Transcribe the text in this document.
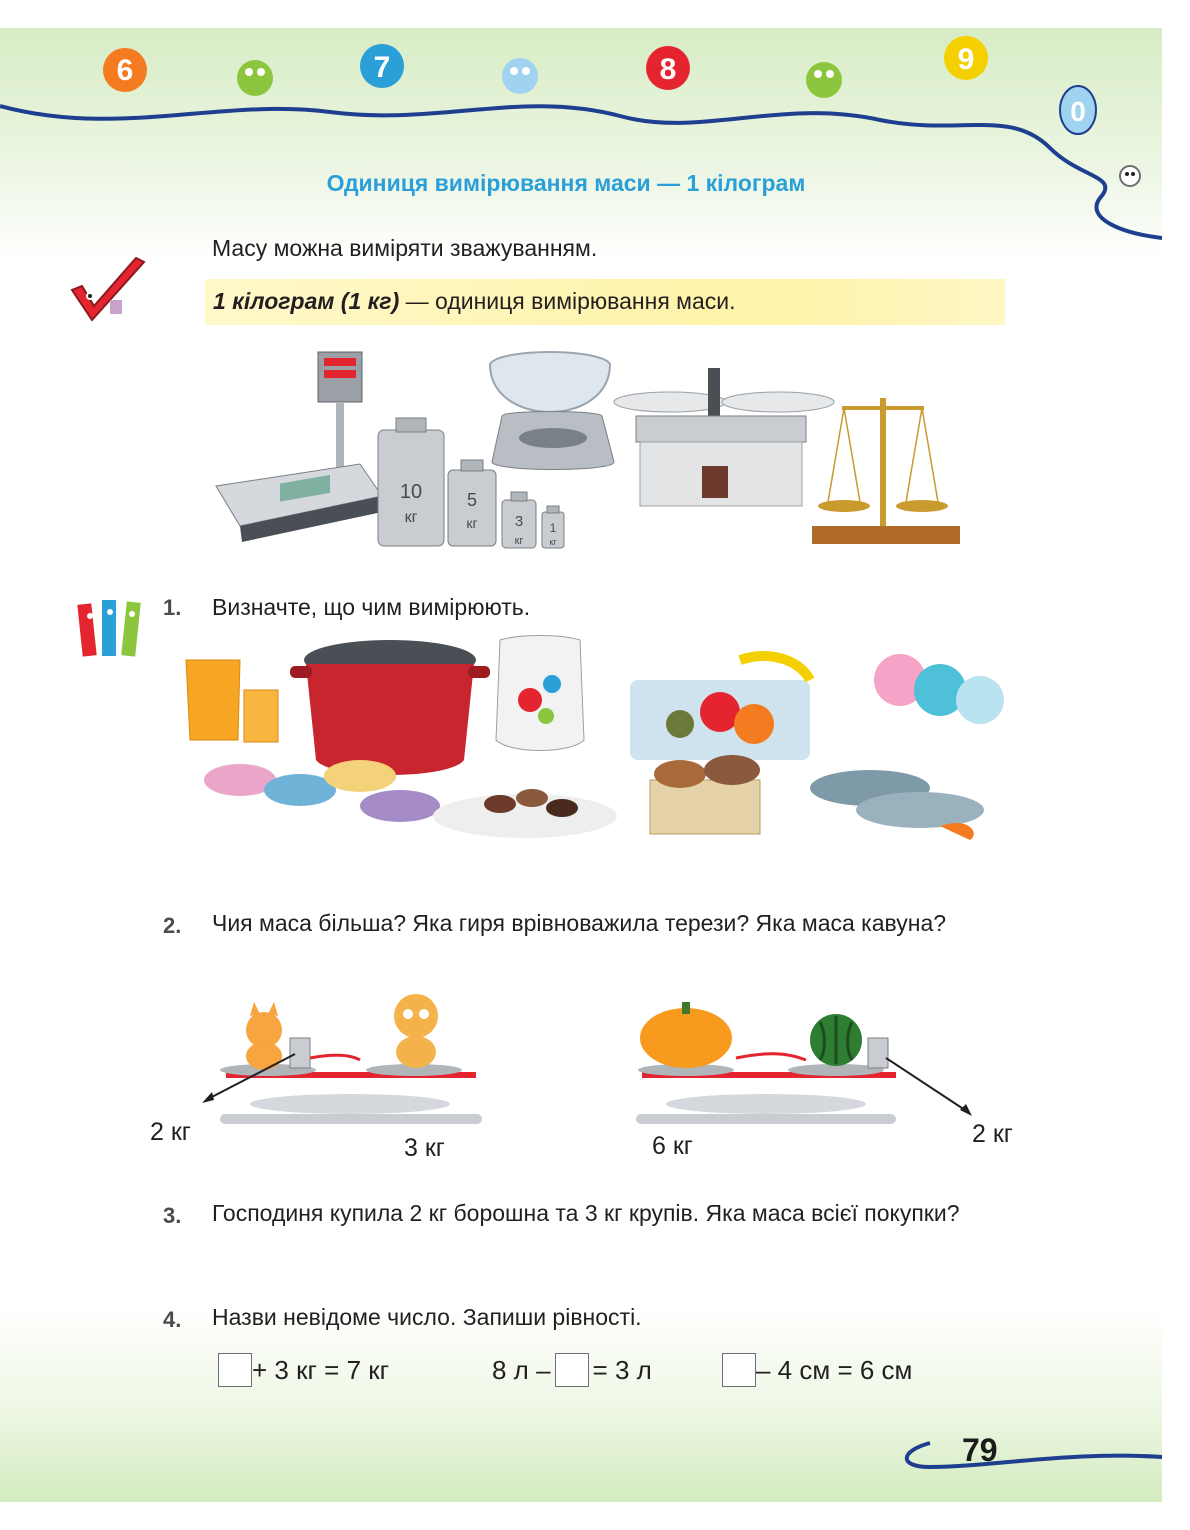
6	7	8	9
0
Одиниця вимірювання маси — 1 кілограм
Масу можна виміряти зважуванням.
1 кілограм (1 кг) — одиниця вимірювання маси.
10
кг
5
кг 3
кг
1
кг
1. Визначте, що чим вимірюють.
2. Чия маса більша? Яка гиря врівноважила терези? Яка маса кавуна?
2 кг
3 кг	6 кг	2 кг
3. Господиня купила 2 кг борошна та 3 кг крупів. Яка маса всієї покупки?
4. Назви невідоме число. Запиши рівності.
+ 3 кг = 7 кг	8 л – = 3 л	– 4 см = 6 см
79
